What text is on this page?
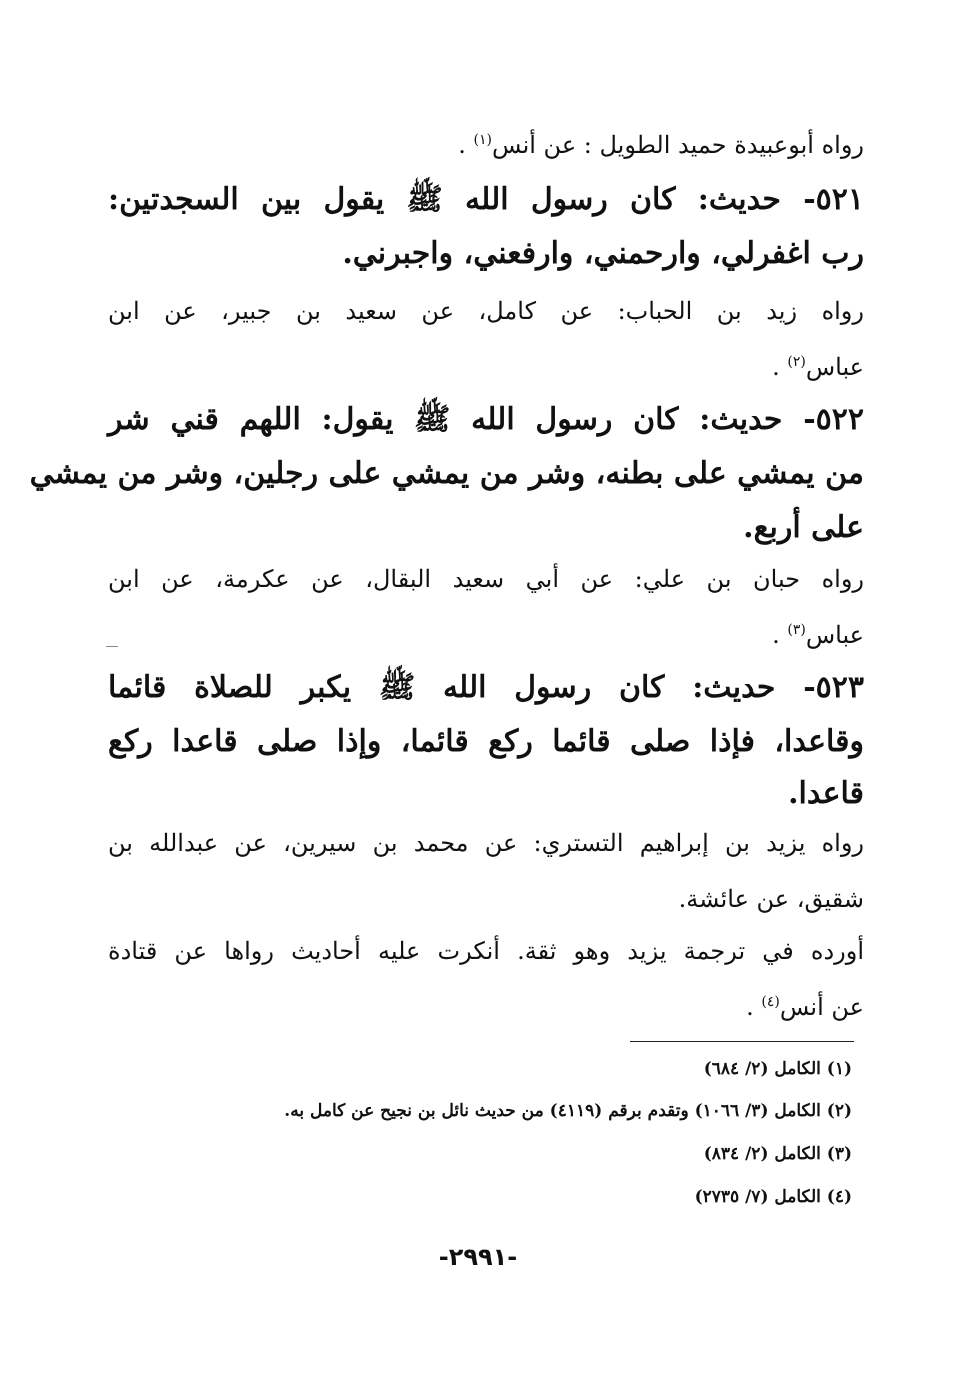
رواه أبوعبيدة حميد الطويل : عن أنس$^{(١)}$ .
٥٢١- حديث: كان رسول الله ﷺ يقول بين السجدتين:
رب اغفرلي، وارحمني، وارفعني، واجبرني.
رواه زيد بن الحباب: عن كامل، عن سعيد بن جبير، عن ابن
عباس$^{(٢)}$ .
٥٢٢- حديث: كان رسول الله ﷺ يقول: اللهم قني شر
من يمشي على بطنه، وشر من يمشي على رجلين، وشر من يمشي
على أربع.
رواه حبان بن علي: عن أبي سعيد البقال، عن عكرمة، عن ابن
عباس$^{(٣)}$ .
٥٢٣- حديث: كان رسول الله ﷺ يكبر للصلاة قائما
وقاعدا، فإذا صلى قائما ركع قائما، وإذا صلى قاعدا ركع
قاعدا.
رواه يزيد بن إبراهيم التستري: عن محمد بن سيرين، عن عبدالله بن
شقيق، عن عائشة.
أورده في ترجمة يزيد وهو ثقة. أنكرت عليه أحاديث رواها عن قتادة
عن أنس$^{(٤)}$ .
(١) الكامل (٢/ ٦٨٤)
(٢) الكامل (٣/ ١٠٦٦) وتقدم برقم (٤١١٩) من حديث نائل بن نجيح عن كامل به.
(٣) الكامل (٢/ ٨٣٤)
(٤) الكامل (٧/ ٢٧٣٥)
-٢٩٩١-
